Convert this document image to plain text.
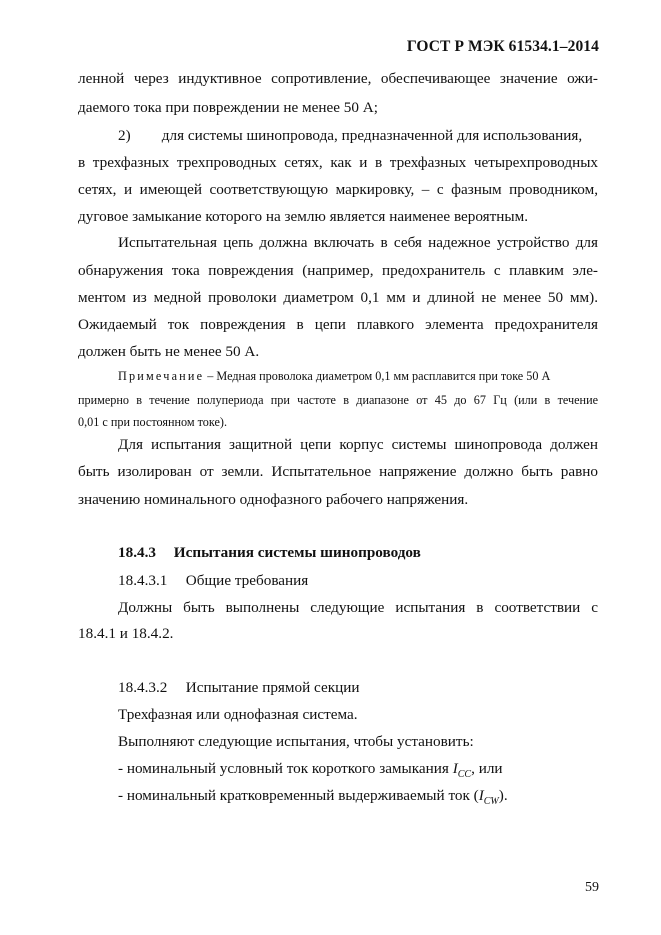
ГОСТ Р МЭК 61534.1–2014
ленной через индуктивное сопротивление, обеспечивающее значение ожи-
даемого тока при повреждении не менее 50 А;
2) для системы шинопровода, предназначенной для использования,
в трехфазных трехпроводных сетях, как и в трехфазных четырехпроводных
сетях, и имеющей соответствующую маркировку, – с фазным проводником,
дуговое замыкание которого на землю является наименее вероятным.
Испытательная цепь должна включать в себя надежное устройство для
обнаружения тока повреждения (например, предохранитель с плавким эле-
ментом из медной проволоки диаметром 0,1 мм и длиной не менее 50 мм).
Ожидаемый ток повреждения в цепи плавкого элемента предохранителя
должен быть не менее 50 А.
Примечание – Медная проволока диаметром 0,1 мм расплавится при токе 50 А
примерно в течение полупериода при частоте в диапазоне от 45 до 67 Гц (или в течение
0,01 с при постоянном токе).
Для испытания защитной цепи корпус системы шинопровода должен
быть изолирован от земли. Испытательное напряжение должно быть равно
значению номинального однофазного рабочего напряжения.
18.4.3 Испытания системы шинопроводов
18.4.3.1 Общие требования
Должны быть выполнены следующие испытания в соответствии с
18.4.1 и 18.4.2.
18.4.3.2 Испытание прямой секции
Трехфазная или однофазная система.
Выполняют следующие испытания, чтобы установить:
- номинальный условный ток короткого замыкания $I_{CC}$, или
- номинальный кратковременный выдерживаемый ток $(I_{CW})$.
59
